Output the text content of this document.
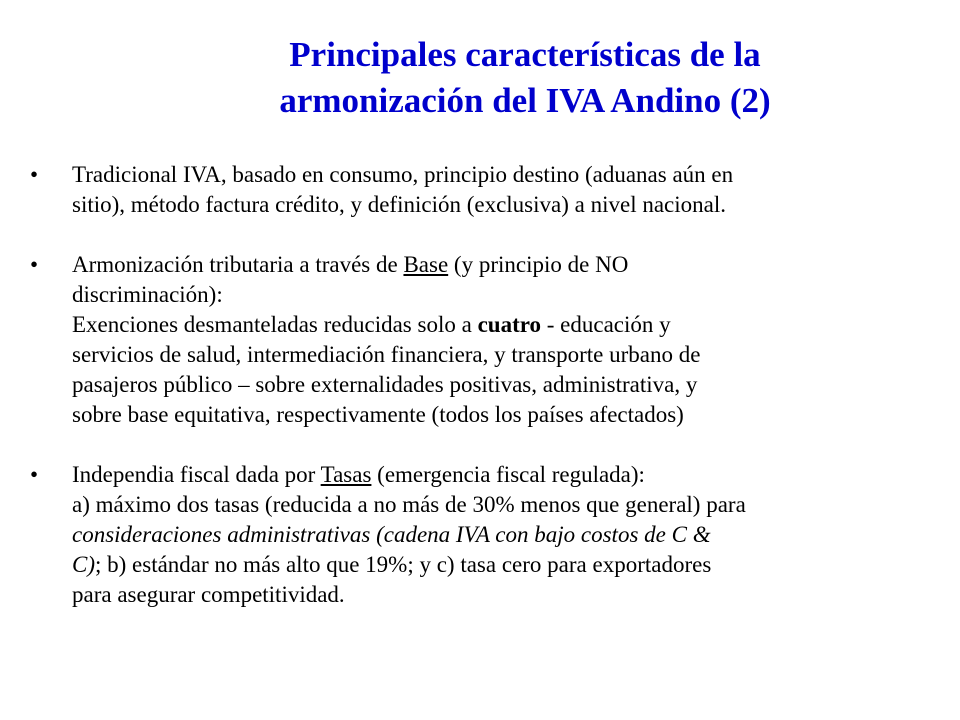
Principales características de la
armonización del IVA Andino (2)
• Tradicional IVA, basado en consumo, principio destino (aduanas aún en
sitio), método factura crédito, y definición (exclusiva) a nivel nacional.
• Armonización tributaria a través de Base (y principio de NO
discriminación):
Exenciones desmanteladas reducidas solo a cuatro - educación y
servicios de salud, intermediación financiera, y transporte urbano de
pasajeros público – sobre externalidades positivas, administrativa, y
sobre base equitativa, respectivamente (todos los países afectados)
• Independia fiscal dada por Tasas (emergencia fiscal regulada):
a) máximo dos tasas (reducida a no más de 30% menos que general) para
consideraciones administrativas (cadena IVA con bajo costos de C &
C); b) estándar no más alto que 19%; y c) tasa cero para exportadores
para asegurar competitividad.
